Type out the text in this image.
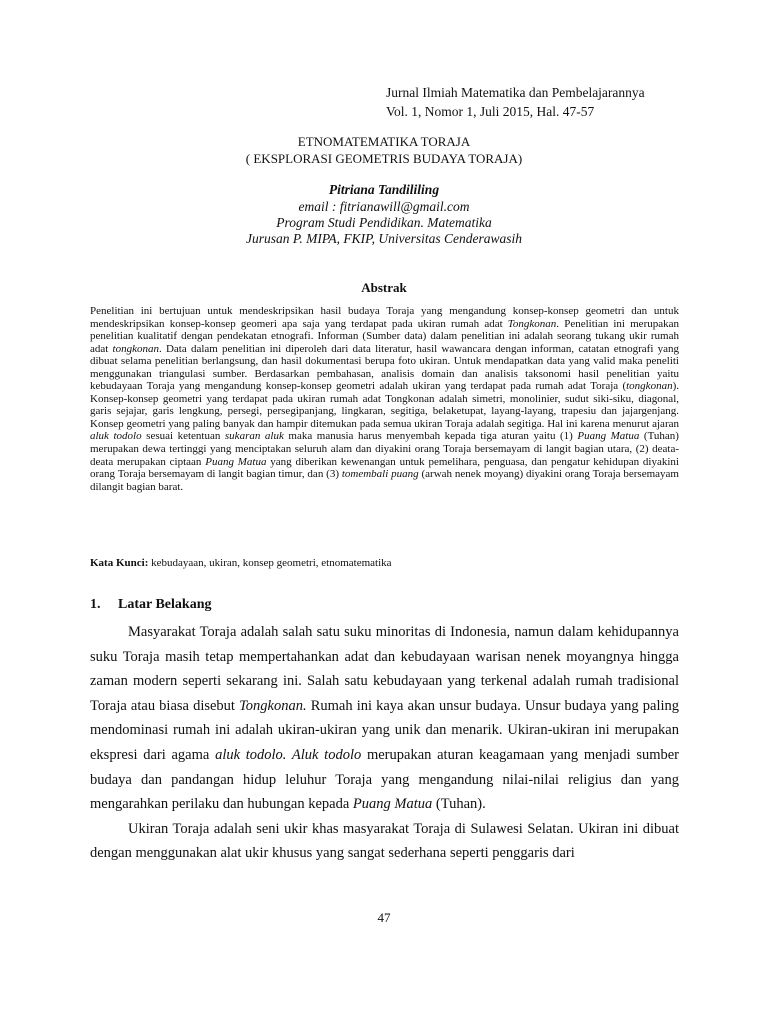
Jurnal Ilmiah Matematika dan Pembelajarannya
Vol. 1, Nomor 1, Juli 2015, Hal. 47-57
ETNOMATEMATIKA TORAJA
( EKSPLORASI GEOMETRIS BUDAYA TORAJA)
Pitriana Tandililing
email : fitrianawill@gmail.com
Program Studi Pendidikan. Matematika
Jurusan P. MIPA, FKIP, Universitas Cenderawasih
Abstrak

Penelitian ini bertujuan untuk mendeskripsikan hasil budaya Toraja yang mengandung konsep-konsep geometri dan untuk mendeskripsikan konsep-konsep geomeri apa saja yang terdapat pada ukiran rumah adat Tongkonan. Penelitian ini merupakan penelitian kualitatif dengan pendekatan etnografi. Informan (Sumber data) dalam penelitian ini adalah seorang tukang ukir rumah adat tongkonan. Data dalam penelitian ini diperoleh dari data literatur, hasil wawancara dengan informan, catatan etnografi yang dibuat selama penelitian berlangsung, dan hasil dokumentasi berupa foto ukiran. Untuk mendapatkan data yang valid maka peneliti menggunakan triangulasi sumber. Berdasarkan pembahasan, analisis domain dan analisis taksonomi hasil penelitian yaitu kebudayaan Toraja yang mengandung konsep-konsep geometri adalah ukiran yang terdapat pada rumah adat Toraja (tongkonan). Konsep-konsep geometri yang terdapat pada ukiran rumah adat Tongkonan adalah simetri, monolinier, sudut siki-siku, diagonal, garis sejajar, garis lengkung, persegi, persegipanjang, lingkaran, segitiga, belaketupat, layang-layang, trapesiu dan jajargenjang. Konsep geometri yang paling banyak dan hampir ditemukan pada semua ukiran Toraja adalah segitiga. Hal ini karena menurut ajaran aluk todolo sesuai ketentuan sukaran aluk maka manusia harus menyembah kepada tiga aturan yaitu (1) Puang Matua (Tuhan) merupakan dewa tertinggi yang menciptakan seluruh alam dan diyakini orang Toraja bersemayam di langit bagian utara, (2) deata-deata merupakan ciptaan Puang Matua yang diberikan kewenangan untuk pemelihara, penguasa, dan pengatur kehidupan diyakini orang Toraja bersemayam di langit bagian timur, dan (3) tomembali puang (arwah nenek moyang) diyakini orang Toraja bersemayam dilangit bagian barat.

Kata Kunci: kebudayaan, ukiran, konsep geometri, etnomatematika
1. Latar Belakang

Masyarakat Toraja adalah salah satu suku minoritas di Indonesia, namun dalam kehidupannya suku Toraja masih tetap mempertahankan adat dan kebudayaan warisan nenek moyangnya hingga zaman modern seperti sekarang ini. Salah satu kebudayaan yang terkenal adalah rumah tradisional Toraja atau biasa disebut Tongkonan. Rumah ini kaya akan unsur budaya. Unsur budaya yang paling mendominasi rumah ini adalah ukiran-ukiran yang unik dan menarik. Ukiran-ukiran ini merupakan ekspresi dari agama aluk todolo. Aluk todolo merupakan aturan keagamaan yang menjadi sumber budaya dan pandangan hidup leluhur Toraja yang mengandung nilai-nilai religius dan yang mengarahkan perilaku dan hubungan kepada Puang Matua (Tuhan).

Ukiran Toraja adalah seni ukir khas masyarakat Toraja di Sulawesi Selatan. Ukiran ini dibuat dengan menggunakan alat ukir khusus yang sangat sederhana seperti penggaris dari

47
